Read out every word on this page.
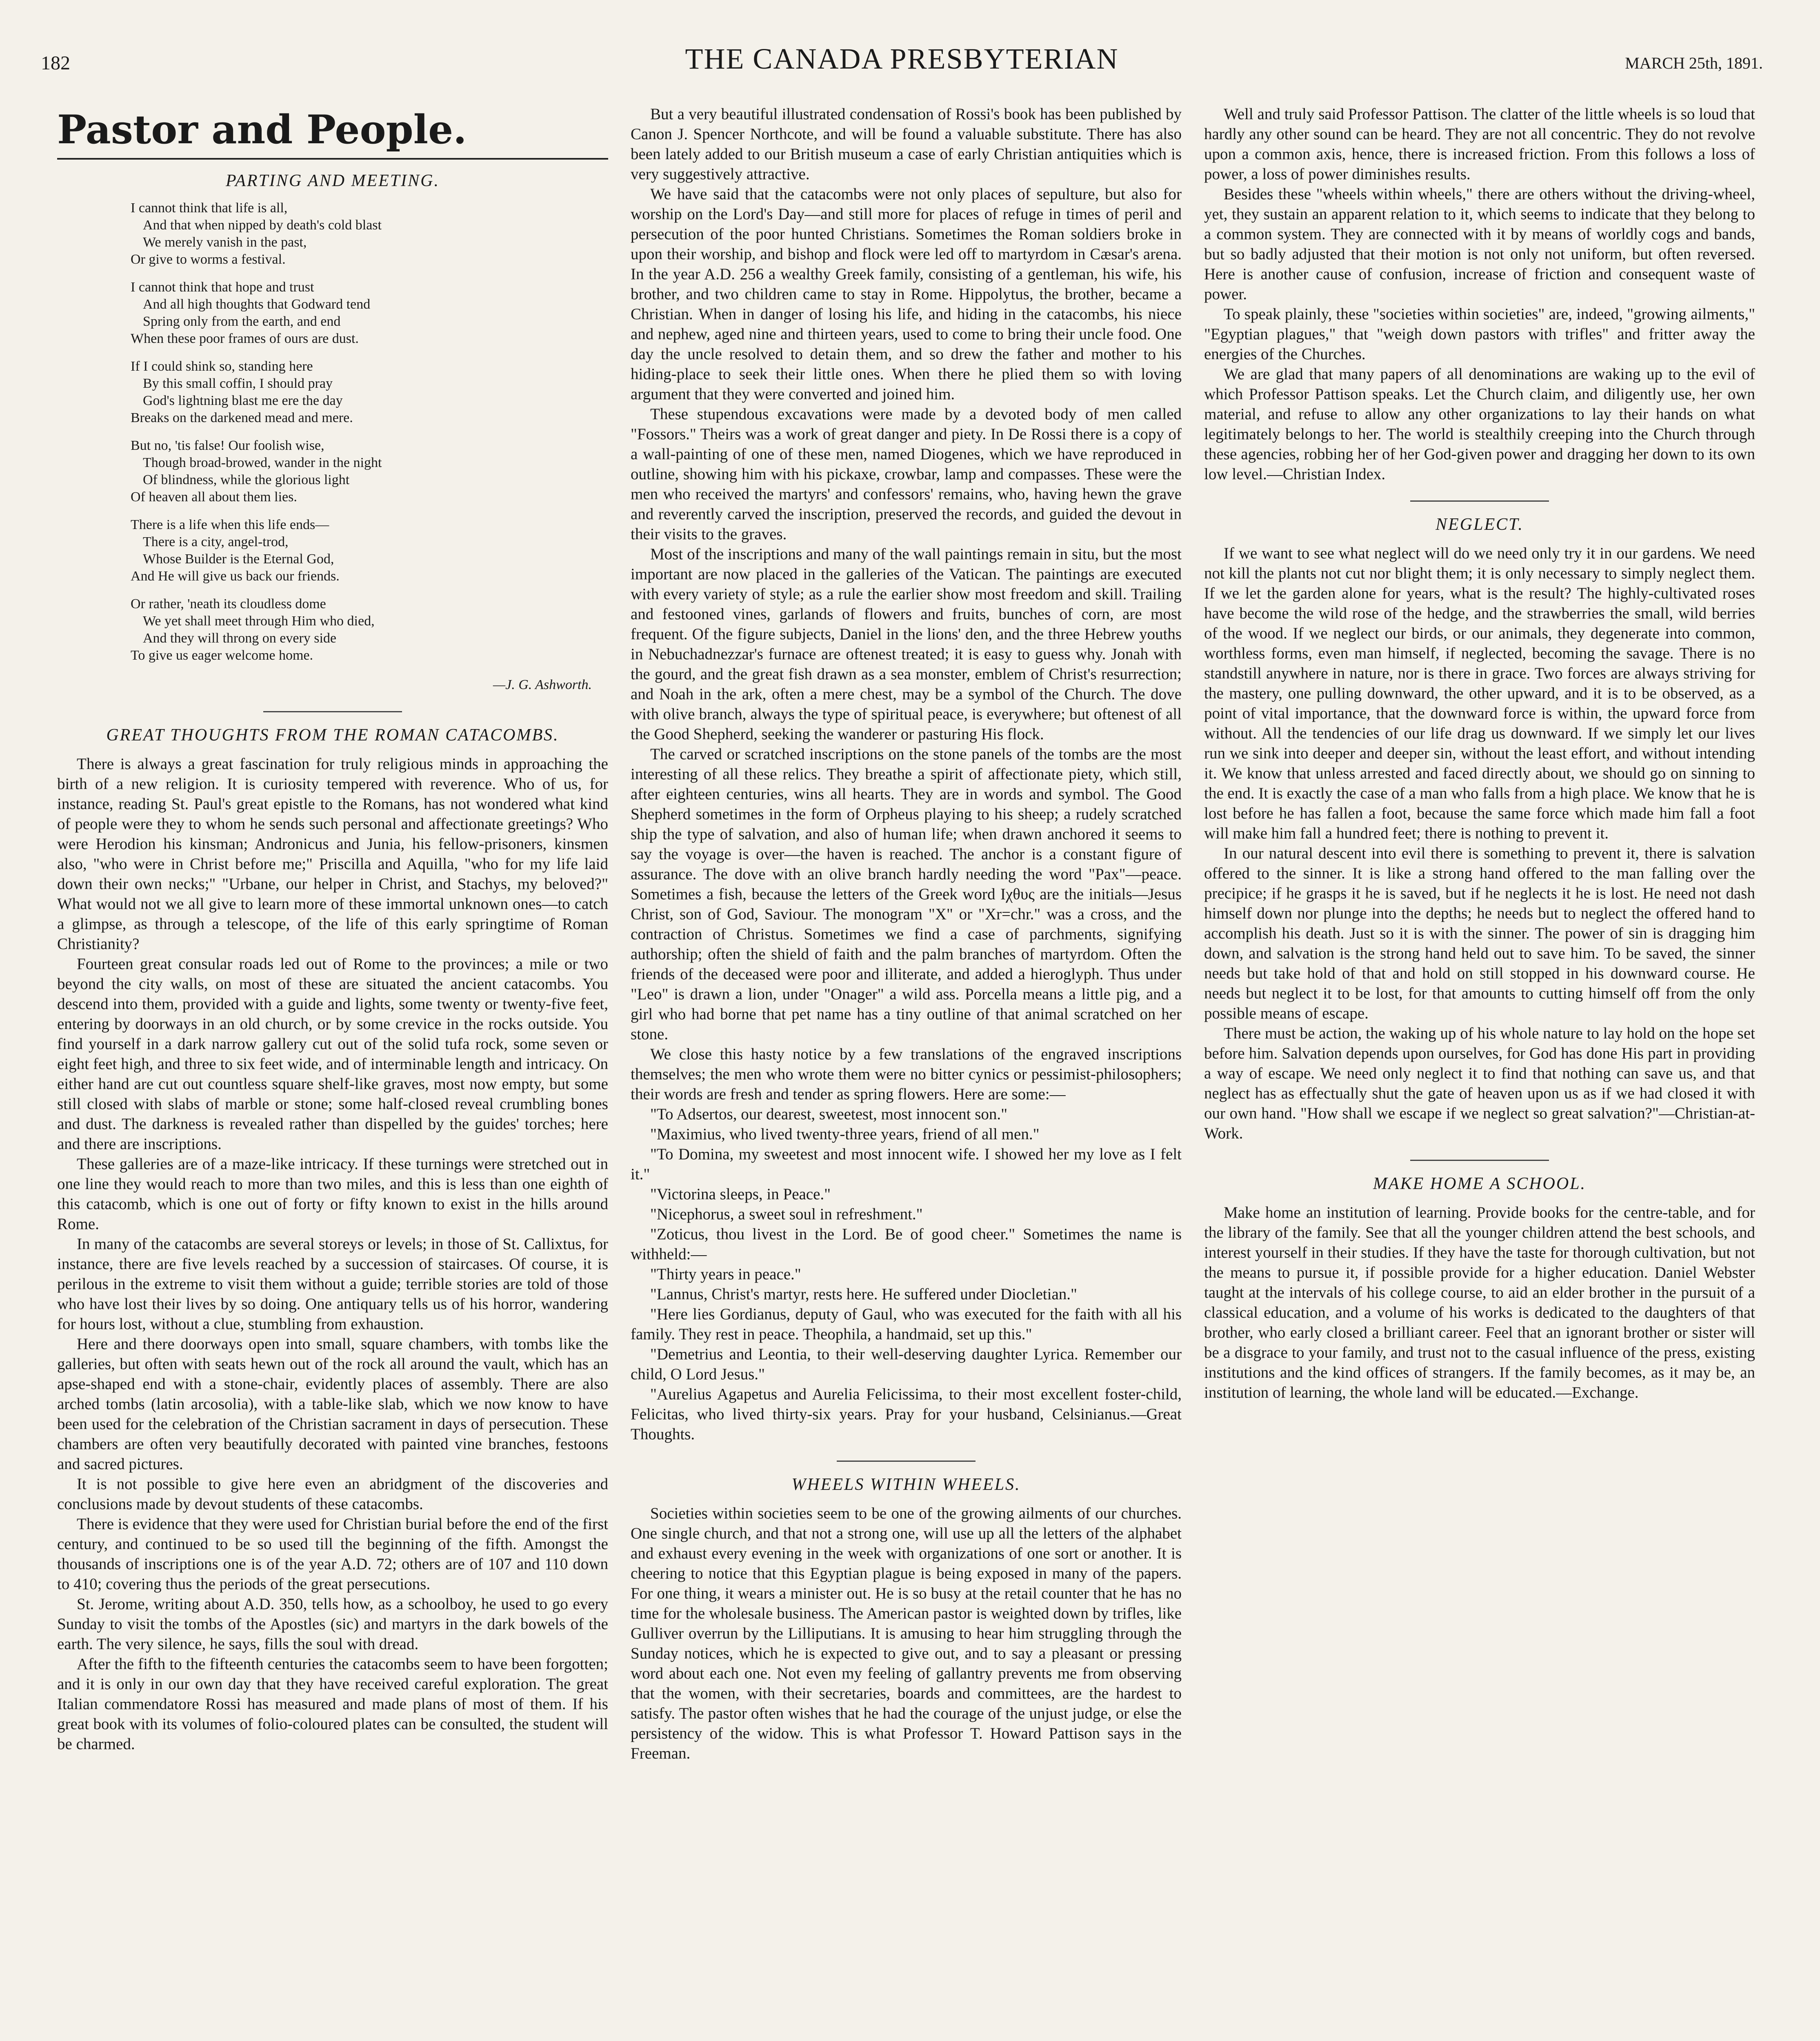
182	THE CANADA PRESBYTERIAN	MARCH 25th, 1891.
Pastor and People.
PARTING AND MEETING.
I cannot think that life is all,
And that when nipped by death's cold blast
We merely vanish in the past,
Or give to worms a festival.
I cannot think that hope and trust
And all high thoughts that Godward tend
Spring only from the earth, and end
When these poor frames of ours are dust.
If I could shink so, standing here
By this small coffin, I should pray
God's lightning blast me ere the day
Breaks on the darkened mead and mere.
But no, 'tis false! Our foolish wise,
Though broad-browed, wander in the night
Of blindness, while the glorious light
Of heaven all about them lies.
There is a life when this life ends—
There is a city, angel-trod,
Whose Builder is the Eternal God,
And He will give us back our friends.
Or rather, 'neath its cloudless dome
We yet shall meet through Him who died,
And they will throng on every side
To give us eager welcome home.
—J. G. Ashworth.
GREAT THOUGHTS FROM THE ROMAN CATACOMBS.

There is always a great fascination for truly religious minds in approaching the birth of a new religion. It is curiosity tempered with reverence. Who of us, for instance, reading St. Paul's great epistle to the Romans, has not wondered what kind of people were they to whom he sends such personal and affectionate greetings? Who were Herodion his kinsman; Andronicus and Junia, his fellow-prisoners, kinsmen also, "who were in Christ before me;" Priscilla and Aquilla, "who for my life laid down their own necks;" "Urbane, our helper in Christ, and Stachys, my beloved?" What would not we all give to learn more of these immortal unknown ones—to catch a glimpse, as through a telescope, of the life of this early springtime of Roman Christianity?

Fourteen great consular roads led out of Rome to the provinces; a mile or two beyond the city walls, on most of these are situated the ancient catacombs. You descend into them, provided with a guide and lights, some twenty or twenty-five feet, entering by doorways in an old church, or by some crevice in the rocks outside. You find yourself in a dark narrow gallery cut out of the solid tufa rock, some seven or eight feet high, and three to six feet wide, and of interminable length and intricacy. On either hand are cut out countless square shelf-like graves, most now empty, but some still closed with slabs of marble or stone; some half-closed reveal crumbling bones and dust. The darkness is revealed rather than dispelled by the guides' torches; here and there are inscriptions.

These galleries are of a maze-like intricacy. If these turnings were stretched out in one line they would reach to more than two miles, and this is less than one eighth of this catacomb, which is one out of forty or fifty known to exist in the hills around Rome.

In many of the catacombs are several storeys or levels; in those of St. Callixtus, for instance, there are five levels reached by a succession of staircases. Of course, it is perilous in the extreme to visit them without a guide; terrible stories are told of those who have lost their lives by so doing. One antiquary tells us of his horror, wandering for hours lost, without a clue, stumbling from exhaustion.

Here and there doorways open into small, square chambers, with tombs like the galleries, but often with seats hewn out of the rock all around the vault, which has an apse-shaped end with a stone-chair, evidently places of assembly. There are also arched tombs (latin arcosolia), with a table-like slab, which we now know to have been used for the celebration of the Christian sacrament in days of persecution. These chambers are often very beautifully decorated with painted vine branches, festoons and sacred pictures.

It is not possible to give here even an abridgment of the discoveries and conclusions made by devout students of these catacombs.

There is evidence that they were used for Christian burial before the end of the first century, and continued to be so used till the beginning of the fifth. Amongst the thousands of inscriptions one is of the year A.D. 72; others are of 107 and 110 down to 410; covering thus the periods of the great persecutions.

St. Jerome, writing about A.D. 350, tells how, as a schoolboy, he used to go every Sunday to visit the tombs of the Apostles (sic) and martyrs in the dark bowels of the earth. The very silence, he says, fills the soul with dread.

After the fifth to the fifteenth centuries the catacombs seem to have been forgotten; and it is only in our own day that they have received careful exploration. The great Italian commendatore Rossi has measured and made plans of most of them. If his great book with its volumes of folio-coloured plates can be consulted, the student will be charmed.

But a very beautiful illustrated condensation of Rossi's book has been published by Canon J. Spencer Northcote, and will be found a valuable substitute. There has also been lately added to our British museum a case of early Christian antiquities which is very suggestively attractive.

We have said that the catacombs were not only places of sepulture, but also for worship on the Lord's Day—and still more for places of refuge in times of peril and persecution of the poor hunted Christians. Sometimes the Roman soldiers broke in upon their worship, and bishop and flock were led off to martyrdom in Cæsar's arena. In the year A.D. 256 a wealthy Greek family, consisting of a gentleman, his wife, his brother, and two children came to stay in Rome. Hippolytus, the brother, became a Christian. When in danger of losing his life, and hiding in the catacombs, his niece and nephew, aged nine and thirteen years, used to come to bring their uncle food. One day the uncle resolved to detain them, and so drew the father and mother to his hiding-place to seek their little ones. When there he plied them so with loving argument that they were converted and joined him.

These stupendous excavations were made by a devoted body of men called "Fossors." Theirs was a work of great danger and piety. In De Rossi there is a copy of a wall-painting of one of these men, named Diogenes, which we have reproduced in outline, showing him with his pickaxe, crowbar, lamp and compasses. These were the men who received the martyrs' and confessors' remains, who, having hewn the grave and reverently carved the inscription, preserved the records, and guided the devout in their visits to the graves.

Most of the inscriptions and many of the wall paintings remain in situ, but the most important are now placed in the galleries of the Vatican. The paintings are executed with every variety of style; as a rule the earlier show most freedom and skill. Trailing and festooned vines, garlands of flowers and fruits, bunches of corn, are most frequent. Of the figure subjects, Daniel in the lions' den, and the three Hebrew youths in Nebuchadnezzar's furnace are oftenest treated; it is easy to guess why. Jonah with the gourd, and the great fish drawn as a sea monster, emblem of Christ's resurrection; and Noah in the ark, often a mere chest, may be a symbol of the Church. The dove with olive branch, always the type of spiritual peace, is everywhere; but oftenest of all the Good Shepherd, seeking the wanderer or pasturing His flock.

The carved or scratched inscriptions on the stone panels of the tombs are the most interesting of all these relics. They breathe a spirit of affectionate piety, which still, after eighteen centuries, wins all hearts. They are in words and symbol. The Good Shepherd sometimes in the form of Orpheus playing to his sheep; a rudely scratched ship the type of salvation, and also of human life; when drawn anchored it seems to say the voyage is over—the haven is reached. The anchor is a constant figure of assurance. The dove with an olive branch hardly needing the word "Pax"—peace. Sometimes a fish, because the letters of the Greek word Ιχθυς are the initials—Jesus Christ, son of God, Saviour. The monogram "X" or "Xr=chr." was a cross, and the contraction of Christus. Sometimes we find a case of parchments, signifying authorship; often the shield of faith and the palm branches of martyrdom. Often the friends of the deceased were poor and illiterate, and added a hieroglyph. Thus under "Leo" is drawn a lion, under "Onager" a wild ass. Porcella means a little pig, and a girl who had borne that pet name has a tiny outline of that animal scratched on her stone.

We close this hasty notice by a few translations of the engraved inscriptions themselves; the men who wrote them were no bitter cynics or pessimist-philosophers; their words are fresh and tender as spring flowers. Here are some:—

"To Adsertos, our dearest, sweetest, most innocent son."

"Maximius, who lived twenty-three years, friend of all men."

"To Domina, my sweetest and most innocent wife. I showed her my love as I felt it."

"Victorina sleeps, in Peace."

"Nicephorus, a sweet soul in refreshment."

"Zoticus, thou livest in the Lord. Be of good cheer." Sometimes the name is withheld:—

"Thirty years in peace."

"Lannus, Christ's martyr, rests here. He suffered under Diocletian."

"Here lies Gordianus, deputy of Gaul, who was executed for the faith with all his family. They rest in peace. Theophila, a handmaid, set up this."

"Demetrius and Leontia, to their well-deserving daughter Lyrica. Remember our child, O Lord Jesus."

"Aurelius Agapetus and Aurelia Felicissima, to their most excellent foster-child, Felicitas, who lived thirty-six years. Pray for your husband, Celsinianus.—Great Thoughts.

WHEELS WITHIN WHEELS.

Societies within societies seem to be one of the growing ailments of our churches. One single church, and that not a strong one, will use up all the letters of the alphabet and exhaust every evening in the week with organizations of one sort or another. It is cheering to notice that this Egyptian plague is being exposed in many of the papers. For one thing, it wears a minister out. He is so busy at the retail counter that he has no time for the wholesale business. The American pastor is weighted down by trifles, like Gulliver overrun by the Lilliputians. It is amusing to hear him struggling through the Sunday notices, which he is expected to give out, and to say a pleasant or pressing word about each one. Not even my feeling of gallantry prevents me from observing that the women, with their secretaries, boards and committees, are the hardest to satisfy. The pastor often wishes that he had the courage of the unjust judge, or else the persistency of the widow. This is what Professor T. Howard Pattison says in the Freeman.

Well and truly said Professor Pattison. The clatter of the little wheels is so loud that hardly any other sound can be heard. They are not all concentric. They do not revolve upon a common axis, hence, there is increased friction. From this follows a loss of power, a loss of power diminishes results.

Besides these "wheels within wheels," there are others without the driving-wheel, yet, they sustain an apparent relation to it, which seems to indicate that they belong to a common system. They are connected with it by means of worldly cogs and bands, but so badly adjusted that their motion is not only not uniform, but often reversed. Here is another cause of confusion, increase of friction and consequent waste of power.

To speak plainly, these "societies within societies" are, indeed, "growing ailments," "Egyptian plagues," that "weigh down pastors with trifles" and fritter away the energies of the Churches.

We are glad that many papers of all denominations are waking up to the evil of which Professor Pattison speaks. Let the Church claim, and diligently use, her own material, and refuse to allow any other organizations to lay their hands on what legitimately belongs to her. The world is stealthily creeping into the Church through these agencies, robbing her of her God-given power and dragging her down to its own low level.—Christian Index.

NEGLECT.

If we want to see what neglect will do we need only try it in our gardens. We need not kill the plants not cut nor blight them; it is only necessary to simply neglect them. If we let the garden alone for years, what is the result? The highly-cultivated roses have become the wild rose of the hedge, and the strawberries the small, wild berries of the wood. If we neglect our birds, or our animals, they degenerate into common, worthless forms, even man himself, if neglected, becoming the savage. There is no standstill anywhere in nature, nor is there in grace. Two forces are always striving for the mastery, one pulling downward, the other upward, and it is to be observed, as a point of vital importance, that the downward force is within, the upward force from without. All the tendencies of our life drag us downward. If we simply let our lives run we sink into deeper and deeper sin, without the least effort, and without intending it. We know that unless arrested and faced directly about, we should go on sinning to the end. It is exactly the case of a man who falls from a high place. We know that he is lost before he has fallen a foot, because the same force which made him fall a foot will make him fall a hundred feet; there is nothing to prevent it.

In our natural descent into evil there is something to prevent it, there is salvation offered to the sinner. It is like a strong hand offered to the man falling over the precipice; if he grasps it he is saved, but if he neglects it he is lost. He need not dash himself down nor plunge into the depths; he needs but to neglect the offered hand to accomplish his death. Just so it is with the sinner. The power of sin is dragging him down, and salvation is the strong hand held out to save him. To be saved, the sinner needs but take hold of that and hold on still stopped in his downward course. He needs but neglect it to be lost, for that amounts to cutting himself off from the only possible means of escape.

There must be action, the waking up of his whole nature to lay hold on the hope set before him. Salvation depends upon ourselves, for God has done His part in providing a way of escape. We need only neglect it to find that nothing can save us, and that neglect has as effectually shut the gate of heaven upon us as if we had closed it with our own hand. "How shall we escape if we neglect so great salvation?"—Christian-at-Work.

MAKE HOME A SCHOOL.

Make home an institution of learning. Provide books for the centre-table, and for the library of the family. See that all the younger children attend the best schools, and interest yourself in their studies. If they have the taste for thorough cultivation, but not the means to pursue it, if possible provide for a higher education. Daniel Webster taught at the intervals of his college course, to aid an elder brother in the pursuit of a classical education, and a volume of his works is dedicated to the daughters of that brother, who early closed a brilliant career. Feel that an ignorant brother or sister will be a disgrace to your family, and trust not to the casual influence of the press, existing institutions and the kind offices of strangers. If the family becomes, as it may be, an institution of learning, the whole land will be educated.—Exchange.
